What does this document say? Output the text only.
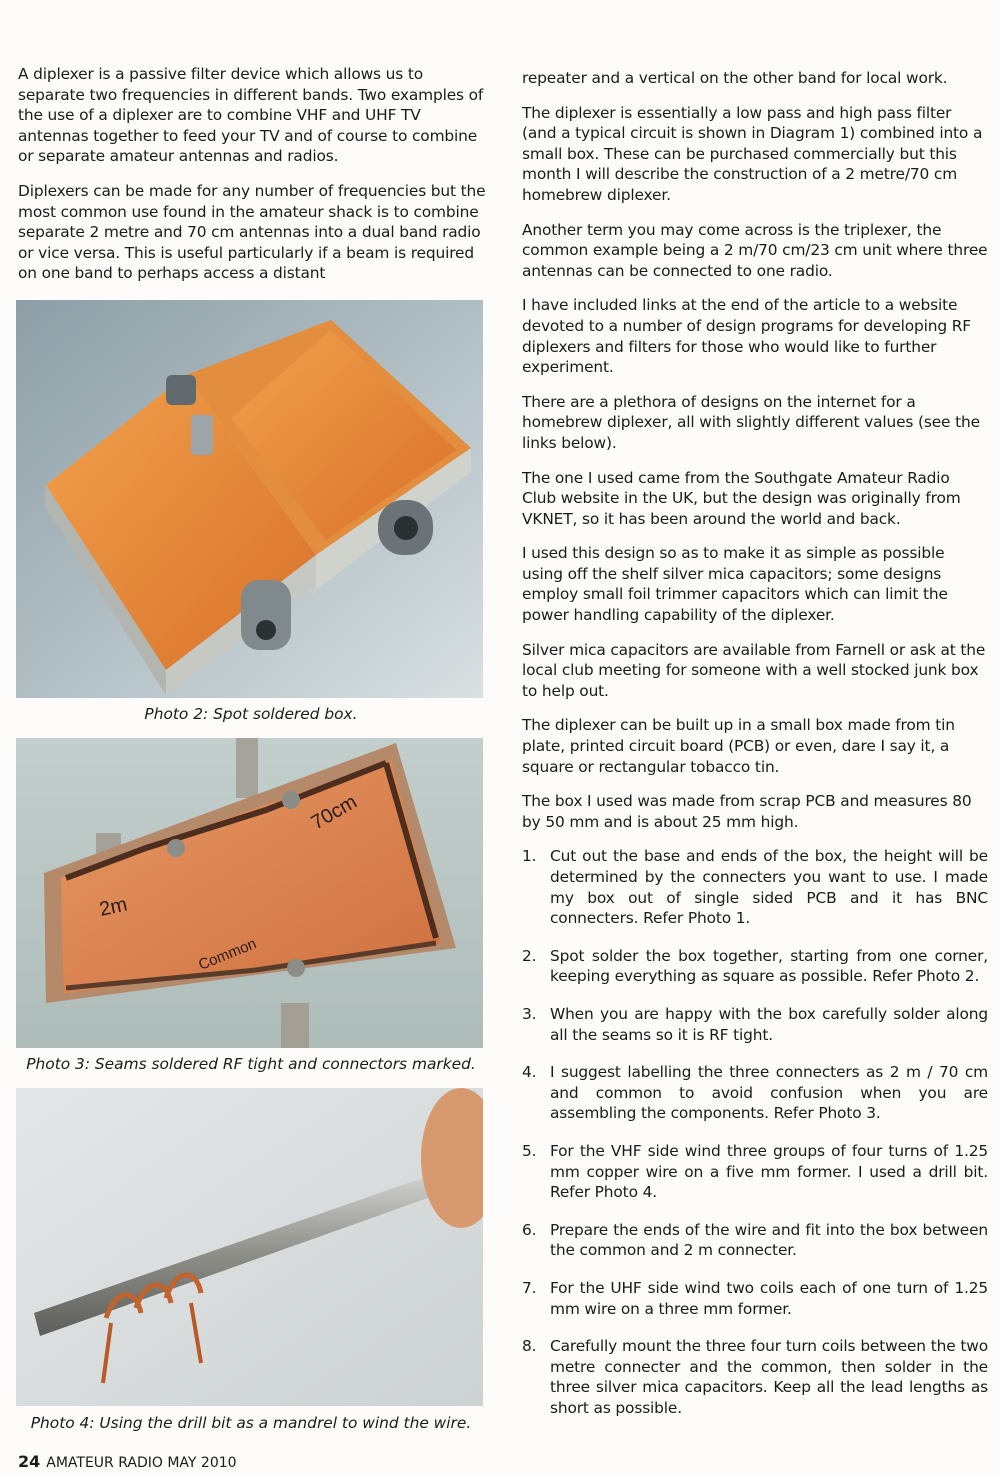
A diplexer is a passive filter device which allows us to separate two frequencies in different bands. Two examples of the use of a diplexer are to combine VHF and UHF TV antennas together to feed your TV and of course to combine or separate amateur antennas and radios.

Diplexers can be made for any number of frequencies but the most common use found in the amateur shack is to combine separate 2 metre and 70 cm antennas into a dual band radio or vice versa. This is useful particularly if a beam is required on one band to perhaps access a distant

Photo 2: Spot soldered box.
2m
70cm
Common
Photo 3: Seams soldered RF tight and connectors marked.
Photo 4: Using the drill bit as a mandrel to wind the wire.

repeater and a vertical on the other band for local work.

The diplexer is essentially a low pass and high pass filter (and a typical circuit is shown in Diagram 1) combined into a small box. These can be purchased commercially but this month I will describe the construction of a 2 metre/70 cm homebrew diplexer.

Another term you may come across is the triplexer, the common example being a 2 m/70 cm/23 cm unit where three antennas can be connected to one radio.

I have included links at the end of the article to a website devoted to a number of design programs for developing RF diplexers and filters for those who would like to further experiment.

There are a plethora of designs on the internet for a homebrew diplexer, all with slightly different values (see the links below).

The one I used came from the Southgate Amateur Radio Club website in the UK, but the design was originally from VKNET, so it has been around the world and back.

I used this design so as to make it as simple as possible using off the shelf silver mica capacitors; some designs employ small foil trimmer capacitors which can limit the power handling capability of the diplexer.

Silver mica capacitors are available from Farnell or ask at the local club meeting for someone with a well stocked junk box to help out.

The diplexer can be built up in a small box made from tin plate, printed circuit board (PCB) or even, dare I say it, a square or rectangular tobacco tin.

The box I used was made from scrap PCB and measures 80 by 50 mm and is about 25 mm high.

1. Cut out the base and ends of the box, the height will be determined by the connecters you want to use. I made my box out of single sided PCB and it has BNC connecters. Refer Photo 1.
2. Spot solder the box together, starting from one corner, keeping everything as square as possible. Refer Photo 2.
3. When you are happy with the box carefully solder along all the seams so it is RF tight.
4. I suggest labelling the three connecters as 2 m / 70 cm and common to avoid confusion when you are assembling the components. Refer Photo 3.
5. For the VHF side wind three groups of four turns of 1.25 mm copper wire on a five mm former. I used a drill bit. Refer Photo 4.
6. Prepare the ends of the wire and fit into the box between the common and 2 m connecter.
7. For the UHF side wind two coils each of one turn of 1.25 mm wire on a three mm former.
8. Carefully mount the three four turn coils between the two metre connecter and the common, then solder in the three silver mica capacitors. Keep all the lead lengths as short as possible.
24 AMATEUR RADIO MAY 2010
